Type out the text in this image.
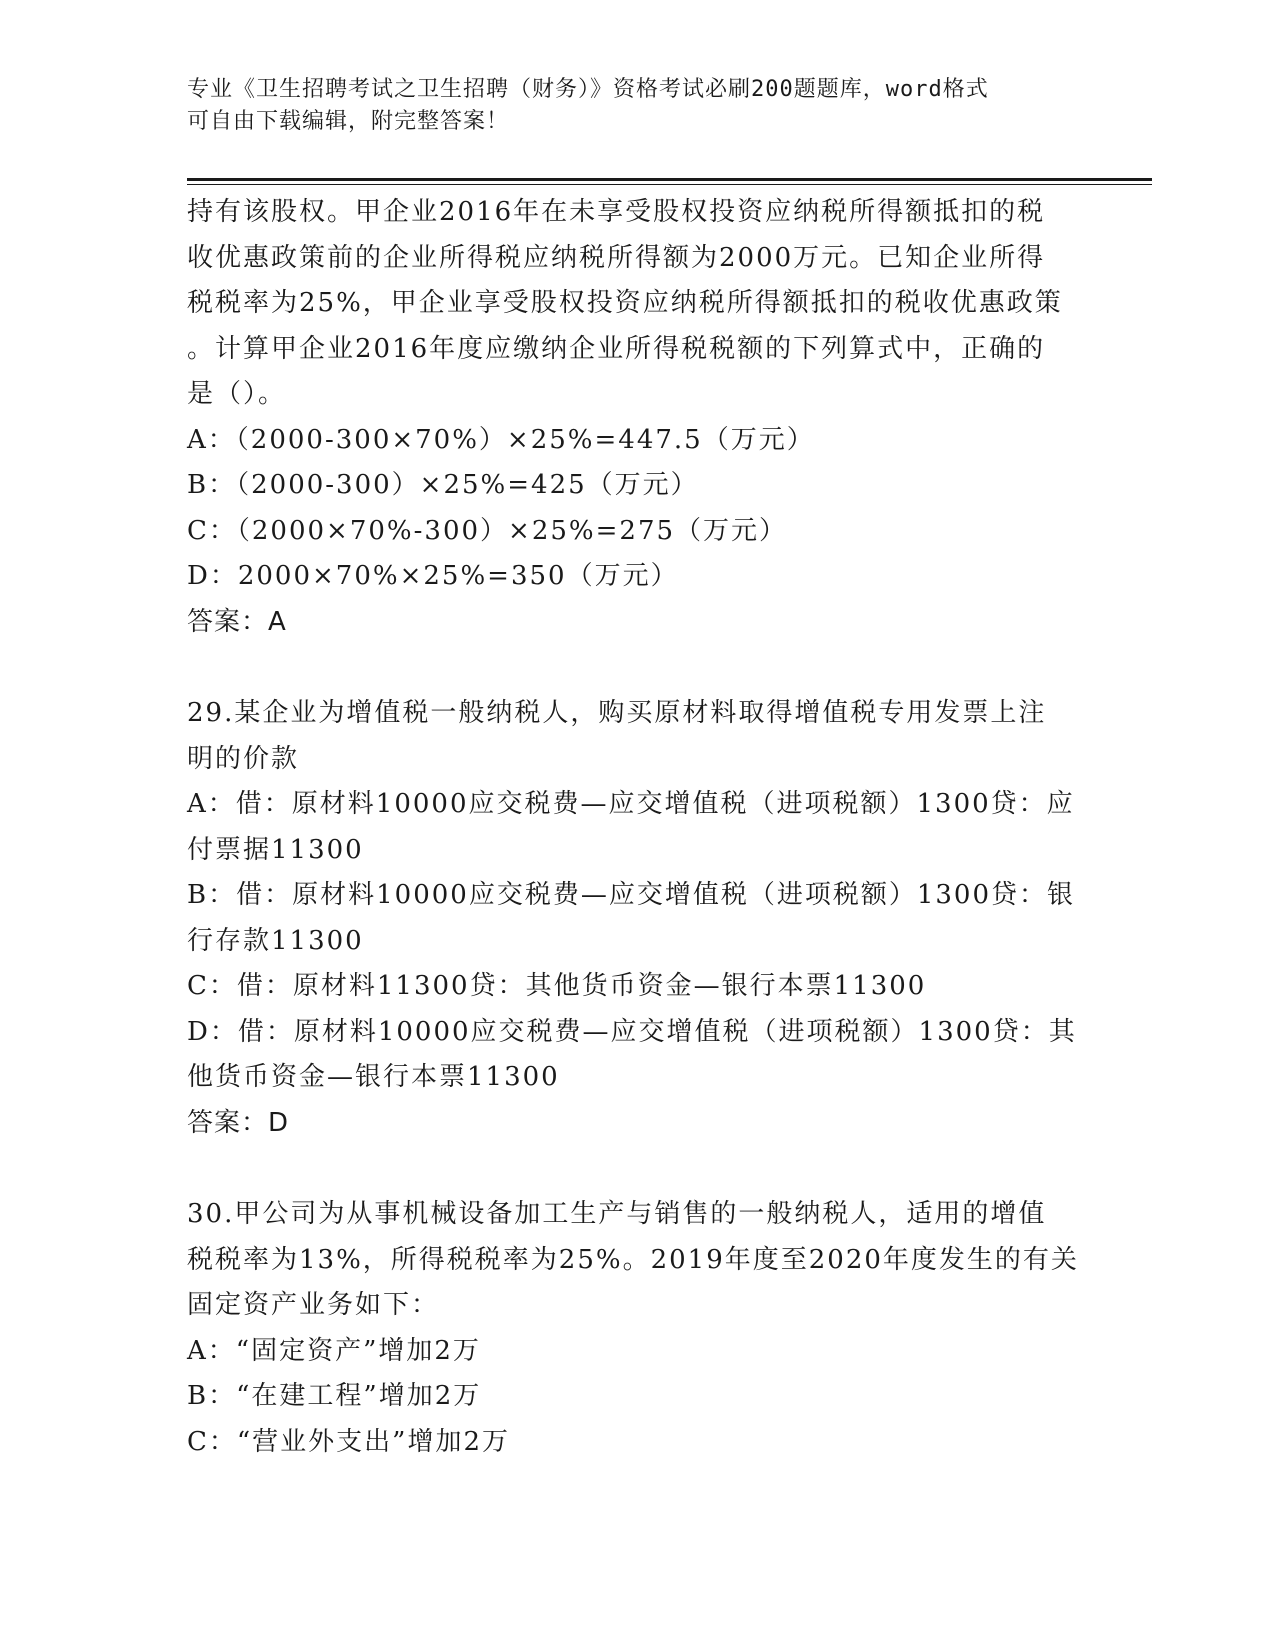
专业《卫生招聘考试之卫生招聘（财务）》资格考试必刷200题题库，word格式
可自由下载编辑，附完整答案！
持有该股权。甲企业2016年在未享受股权投资应纳税所得额抵扣的税
收优惠政策前的企业所得税应纳税所得额为2000万元。已知企业所得
税税率为25%，甲企业享受股权投资应纳税所得额抵扣的税收优惠政策
。计算甲企业2016年度应缴纳企业所得税税额的下列算式中，正确的
是（）。
A：（2000-300×70%）×25%=447.5（万元）
B：（2000-300）×25%=425（万元）
C：（2000×70%-300）×25%=275（万元）
D：2000×70%×25%=350（万元）
答案：A
29.某企业为增值税一般纳税人，购买原材料取得增值税专用发票上注
明的价款
A：借：原材料10000应交税费—应交增值税（进项税额）1300贷：应
付票据11300
B：借：原材料10000应交税费—应交增值税（进项税额）1300贷：银
行存款11300
C：借：原材料11300贷：其他货币资金—银行本票11300
D：借：原材料10000应交税费—应交增值税（进项税额）1300贷：其
他货币资金—银行本票11300
答案：D
30.甲公司为从事机械设备加工生产与销售的一般纳税人，适用的增值
税税率为13%，所得税税率为25%。2019年度至2020年度发生的有关
固定资产业务如下：
A：“固定资产”增加2万
B：“在建工程”增加2万
C：“营业外支出”增加2万
